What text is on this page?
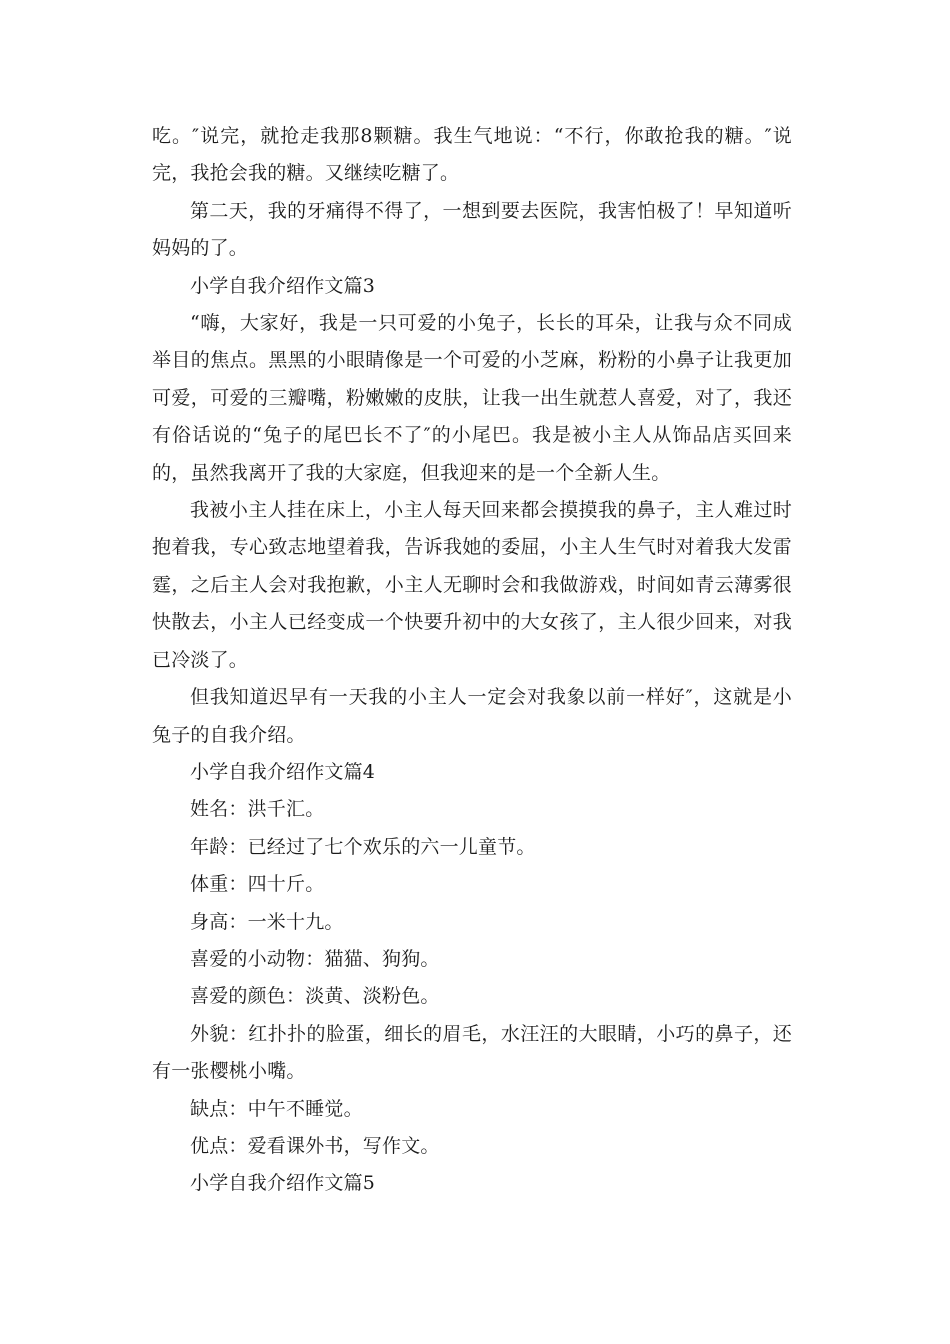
吃。″说完，就抢走我那8颗糖。我生气地说：“不行，你敢抢我的糖。″说完，我抢会我的糖。又继续吃糖了。

第二天，我的牙痛得不得了，一想到要去医院，我害怕极了！早知道听妈妈的了。

小学自我介绍作文篇3

“嗨，大家好，我是一只可爱的小兔子，长长的耳朵，让我与众不同成举目的焦点。黑黑的小眼睛像是一个可爱的小芝麻，粉粉的小鼻子让我更加可爱，可爱的三瓣嘴，粉嫩嫩的皮肤，让我一出生就惹人喜爱，对了，我还有俗话说的“兔子的尾巴长不了″的小尾巴。我是被小主人从饰品店买回来的，虽然我离开了我的大家庭，但我迎来的是一个全新人生。

我被小主人挂在床上，小主人每天回来都会摸摸我的鼻子，主人难过时抱着我，专心致志地望着我，告诉我她的委屈，小主人生气时对着我大发雷霆，之后主人会对我抱歉，小主人无聊时会和我做游戏，时间如青云薄雾很快散去，小主人已经变成一个快要升初中的大女孩了，主人很少回来，对我已冷淡了。

但我知道迟早有一天我的小主人一定会对我象以前一样好″，这就是小兔子的自我介绍。

小学自我介绍作文篇4

姓名：洪千汇。

年龄：已经过了七个欢乐的六一儿童节。

体重：四十斤。

身高：一米十九。

喜爱的小动物：猫猫、狗狗。

喜爱的颜色：淡黄、淡粉色。

外貌：红扑扑的脸蛋，细长的眉毛，水汪汪的大眼睛，小巧的鼻子，还有一张樱桃小嘴。

缺点：中午不睡觉。

优点：爱看课外书，写作文。

小学自我介绍作文篇5
